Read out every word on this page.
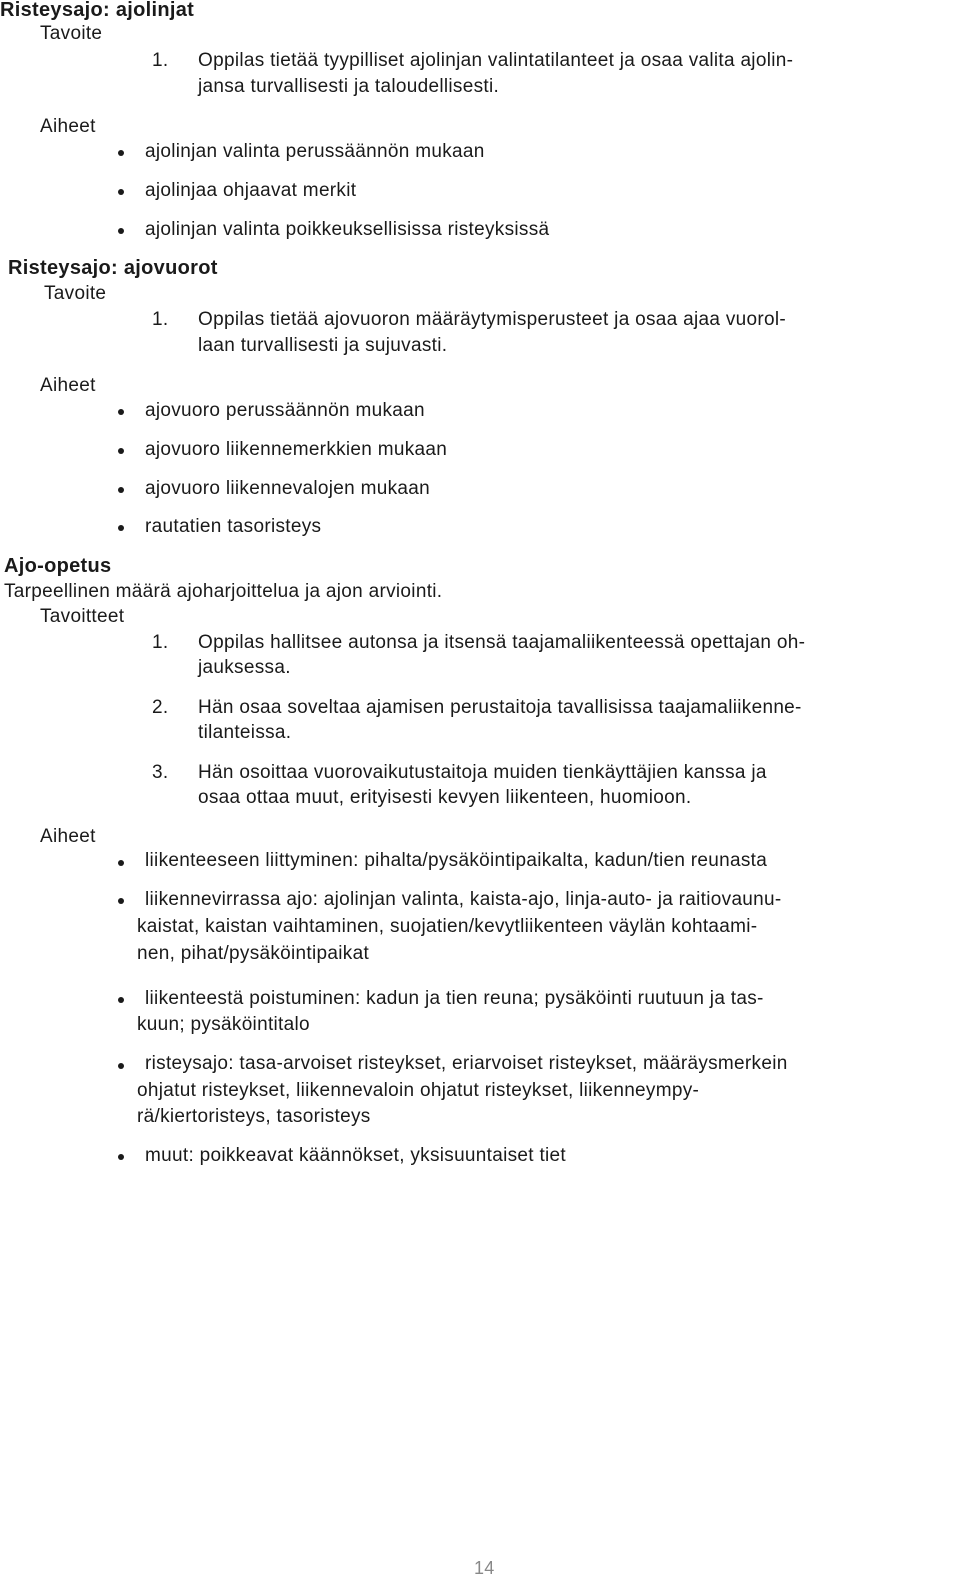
Risteysajo: ajolinjat
Tavoite
1. Oppilas tietää tyypilliset ajolinjan valintatilanteet ja osaa valita ajolin-
jansa turvallisesti ja taloudellisesti.
Aiheet
ajolinjan valinta perussäännön mukaan
ajolinjaa ohjaavat merkit
ajolinjan valinta poikkeuksellisissa risteyksissä
Risteysajo: ajovuorot
Tavoite
1. Oppilas tietää ajovuoron määräytymisperusteet ja osaa ajaa vuorol-
laan turvallisesti ja sujuvasti.
Aiheet
ajovuoro perussäännön mukaan
ajovuoro liikennemerkkien mukaan
ajovuoro liikennevalojen mukaan
rautatien tasoristeys
Ajo-opetus
Tarpeellinen määrä ajoharjoittelua ja ajon arviointi.
Tavoitteet
1. Oppilas hallitsee autonsa ja itsensä taajamaliikenteessä opettajan oh-
jauksessa.
2. Hän osaa soveltaa ajamisen perustaitoja tavallisissa taajamaliikenne-
tilanteissa.
3. Hän osoittaa vuorovaikutustaitoja muiden tienkäyttäjien kanssa ja
osaa ottaa muut, erityisesti kevyen liikenteen, huomioon.
Aiheet
liikenteeseen liittyminen: pihalta/pysäköintipaikalta, kadun/tien reunasta
liikennevirrassa ajo: ajolinjan valinta, kaista-ajo, linja-auto- ja raitiovaunu-
kaistat, kaistan vaihtaminen, suojatien/kevytliikenteen väylän kohtaami-
nen, pihat/pysäköintipaikat
liikenteestä poistuminen: kadun ja tien reuna; pysäköinti ruutuun ja tas-
kuun; pysäköintitalo
risteysajo: tasa-arvoiset risteykset, eriarvoiset risteykset, määräysmerkein
ohjatut risteykset, liikennevaloin ohjatut risteykset, liikenneympy-
rä/kiertoristeys, tasoristeys
muut: poikkeavat käännökset, yksisuuntaiset tiet
14
